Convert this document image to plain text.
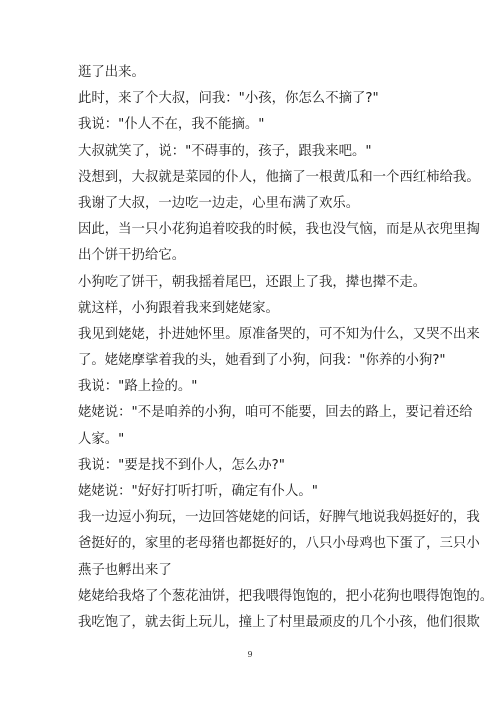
逛了出来。
此时，来了个大叔，问我："小孩，你怎么不摘了?"
我说："仆人不在，我不能摘。"
大叔就笑了，说："不碍事的，孩子，跟我来吧。"
没想到，大叔就是菜园的仆人，他摘了一根黄瓜和一个西红柿给我。
我谢了大叔，一边吃一边走，心里布满了欢乐。
因此，当一只小花狗追着咬我的时候，我也没气恼，而是从衣兜里掏
出个饼干扔给它。
小狗吃了饼干，朝我摇着尾巴，还跟上了我，撵也撵不走。
就这样，小狗跟着我来到姥姥家。
我见到姥姥，扑进她怀里。原准备哭的，可不知为什么，又哭不出来
了。姥姥摩挲着我的头，她看到了小狗，问我："你养的小狗?"
我说："路上捡的。"
姥姥说："不是咱养的小狗，咱可不能要，回去的路上，要记着还给
人家。"
我说："要是找不到仆人，怎么办?"
姥姥说："好好打听打听，确定有仆人。"
我一边逗小狗玩，一边回答姥姥的问话，好脾气地说我妈挺好的，我
爸挺好的，家里的老母猪也都挺好的，八只小母鸡也下蛋了，三只小
燕子也孵出来了
姥姥给我烙了个葱花油饼，把我喂得饱饱的，把小花狗也喂得饱饱的。
我吃饱了，就去街上玩儿，撞上了村里最顽皮的几个小孩，他们很欺
9
